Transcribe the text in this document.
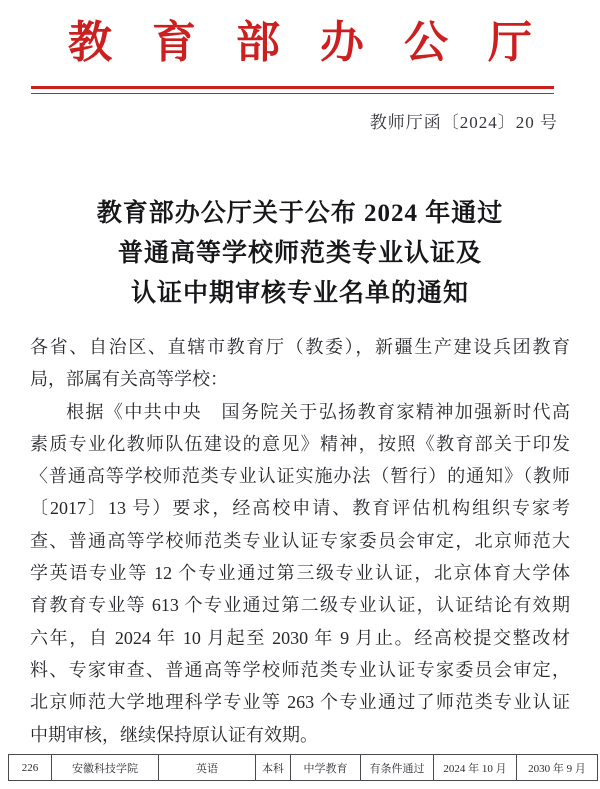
教育部办公厅
教师厅函〔2024〕20 号
教育部办公厅关于公布 2024 年通过
普通高等学校师范类专业认证及
认证中期审核专业名单的通知
各省、自治区、直辖市教育厅（教委），新疆生产建设兵团教育
局，部属有关高等学校：
根据《中共中央　国务院关于弘扬教育家精神加强新时代高
素质专业化教师队伍建设的意见》精神，按照《教育部关于印发
〈普通高等学校师范类专业认证实施办法（暂行）的通知》（教师
〔2017〕13 号）要求，经高校申请、教育评估机构组织专家考
查、普通高等学校师范类专业认证专家委员会审定，北京师范大
学英语专业等 12 个专业通过第三级专业认证，北京体育大学体
育教育专业等 613 个专业通过第二级专业认证，认证结论有效期
六年，自 2024 年 10 月起至 2030 年 9 月止。经高校提交整改材
料、专家审查、普通高等学校师范类专业认证专家委员会审定，
北京师范大学地理科学专业等 263 个专业通过了师范类专业认证
中期审核，继续保持原认证有效期。
226	安徽科技学院	英语	本科	中学教育	有条件通过	2024 年 10 月	2030 年 9 月
